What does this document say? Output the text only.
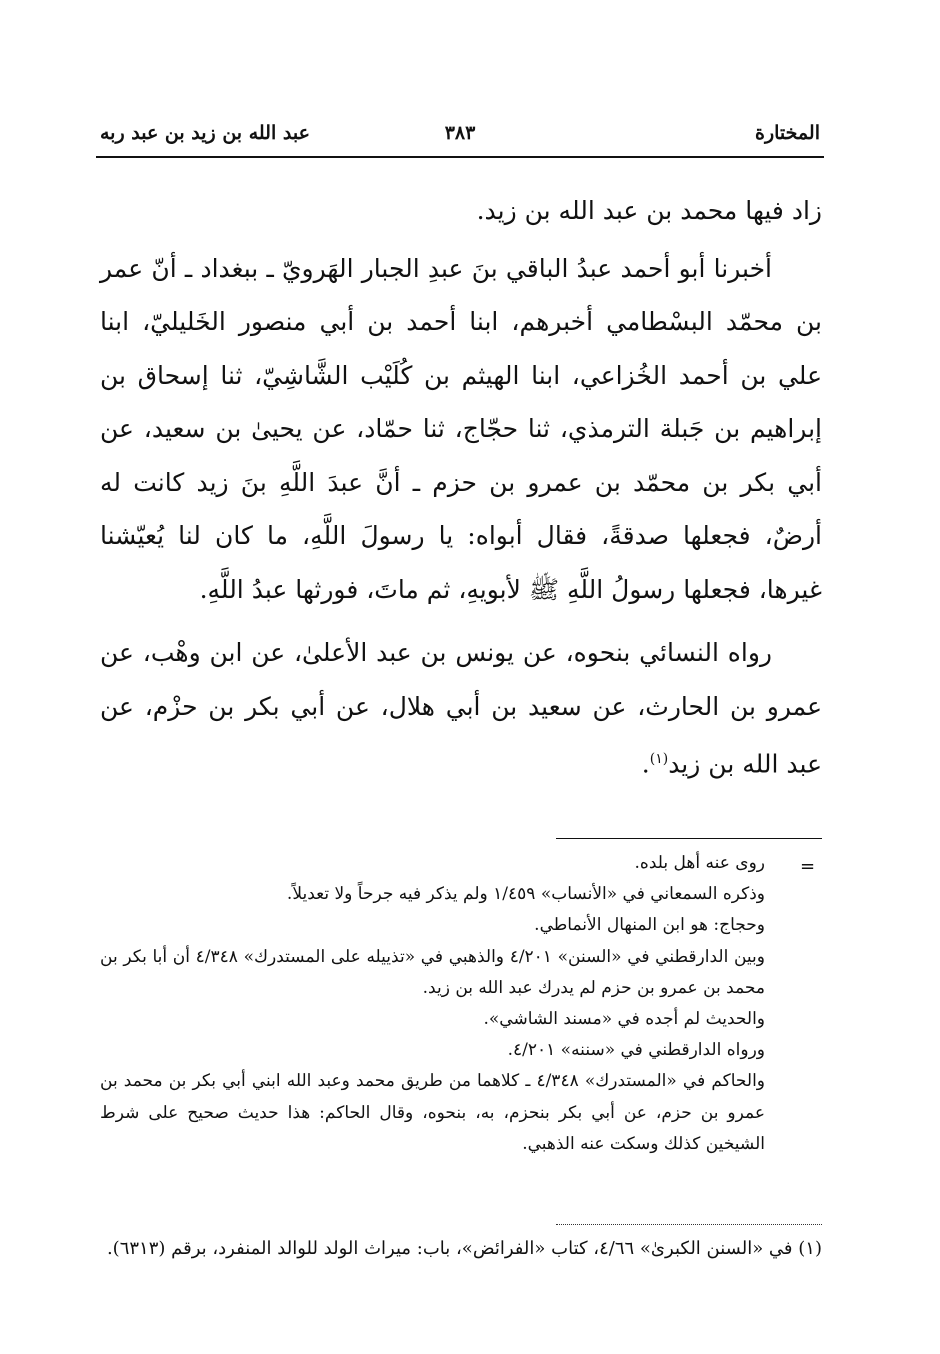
المختارة
٣٨٣
عبد الله بن زيد بن عبد ربه

زاد فيها محمد بن عبد الله بن زيد.

أخبرنا أبو أحمد عبدُ الباقي بنَ عبدِ الجبار الهَرويّ ـ ببغداد ـ أنّ عمر بن محمّد البسْطامي أخبرهم، ابنا أحمد بن أبي منصور الخَليليّ، ابنا علي بن أحمد الخُزاعي، ابنا الهيثم بن كُلَيْب الشَّاشِيّ، ثنا إسحاق بن إبراهيم بن جَبلة الترمذي، ثنا حجّاج، ثنا حمّاد، عن يحيىٰ بن سعيد، عن أبي بكر بن محمّد بن عمرو بن حزم ـ أنَّ عبدَ اللَّهِ بنَ زيد كانت له أرضٌ، فجعلها صدقةً، فقال أبواه: يا رسولَ اللَّهِ، ما كان لنا يُعيّشنا غيرها، فجعلها رسولُ اللَّهِ ﷺ لأبويهِ، ثم ماتَ، فورثها عبدُ اللَّهِ.

رواه النسائي بنحوه، عن يونس بن عبد الأعلىٰ، عن ابن وهْب، عن عمرو بن الحارث، عن سعيد بن أبي هلال، عن أبي بكر بن حزْم، عن عبد الله بن زيد$^{(١)}$.

=

روى عنه أهل بلده.

وذكره السمعاني في «الأنساب» ١/٤٥٩ ولم يذكر فيه جرحاً ولا تعديلاً.

وحجاج: هو ابن المنهال الأنماطي.

وبين الدارقطني في «السنن» ٤/٢٠١ والذهبي في «تذييله على المستدرك» ٤/٣٤٨ أن أبا بكر بن محمد بن عمرو بن حزم لم يدرك عبد الله بن زيد.

والحديث لم أجده في «مسند الشاشي».

ورواه الدارقطني في «سننه» ٤/٢٠١.

والحاكم في «المستدرك» ٤/٣٤٨ ـ كلاهما من طريق محمد وعبد الله ابني أبي بكر بن محمد بن عمرو بن حزم، عن أبي بكر بنحزم، به، بنحوه، وقال الحاكم: هذا حديث صحيح على شرط الشيخين كذلك وسكت عنه الذهبي.

(١) في «السنن الكبرىٰ» ٤/٦٦، كتاب «الفرائض»، باب: ميراث الولد للوالد المنفرد، برقم (٦٣١٣).
